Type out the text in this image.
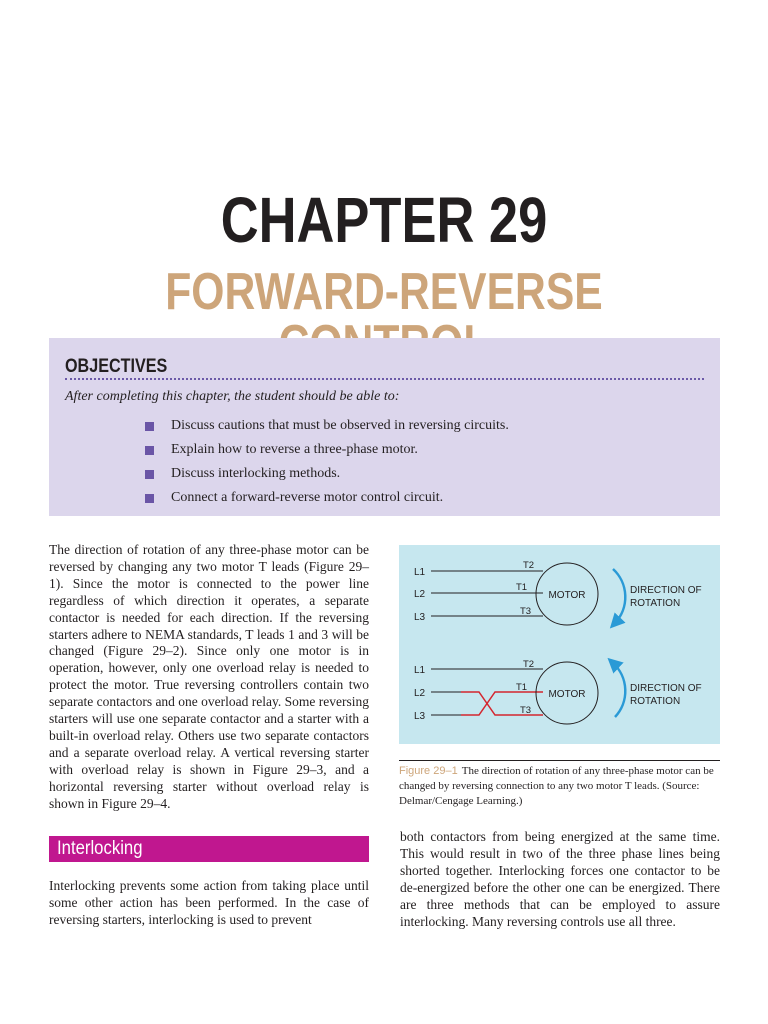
CHAPTER 29
FORWARD-REVERSE
OBJECTIVES
After completing this chapter, the student should be able to:
Discuss cautions that must be observed in reversing circuits.
Explain how to reverse a three-phase motor.
Discuss interlocking methods.
Connect a forward-reverse motor control circuit.

The direction of rotation of any three-phase motor can be reversed by changing any two motor T leads (Figure 29–1). Since the motor is connected to the power line regardless of which direction it operates, a separate contactor is needed for each direction. If the reversing starters adhere to NEMA standards, T leads 1 and 3 will be changed (Figure 29–2). Since only one motor is in operation, however, only one overload relay is needed to protect the motor. True reversing controllers contain two separate contactors and one overload relay. Some reversing starters will use one separate contactor and a starter with a built-in overload relay. Others use two separate contactors and a separate overload relay. A vertical reversing starter with overload relay is shown in Figure 29–3, and a horizontal reversing starter without overload relay is shown in Figure 29–4.

Interlocking

Interlocking prevents some action from taking place until some other action has been performed. In the case of reversing starters, interlocking is used to prevent

L1
L2
L3
T2
T1
T3
MOTOR	DIRECTION OF
ROTATION
L1
L2
L3
T2
T1
T3
MOTOR
DIRECTION OF
ROTATION
Figure 29–1 The direction of rotation of any three-phase motor can be changed by reversing connection to any two motor T leads. (Source: Delmar/Cengage Learning.)

both contactors from being energized at the same time. This would result in two of the three phase lines being shorted together. Interlocking forces one contactor to be de-energized before the other one can be energized. There are three methods that can be employed to assure interlocking. Many reversing controls use all three.
